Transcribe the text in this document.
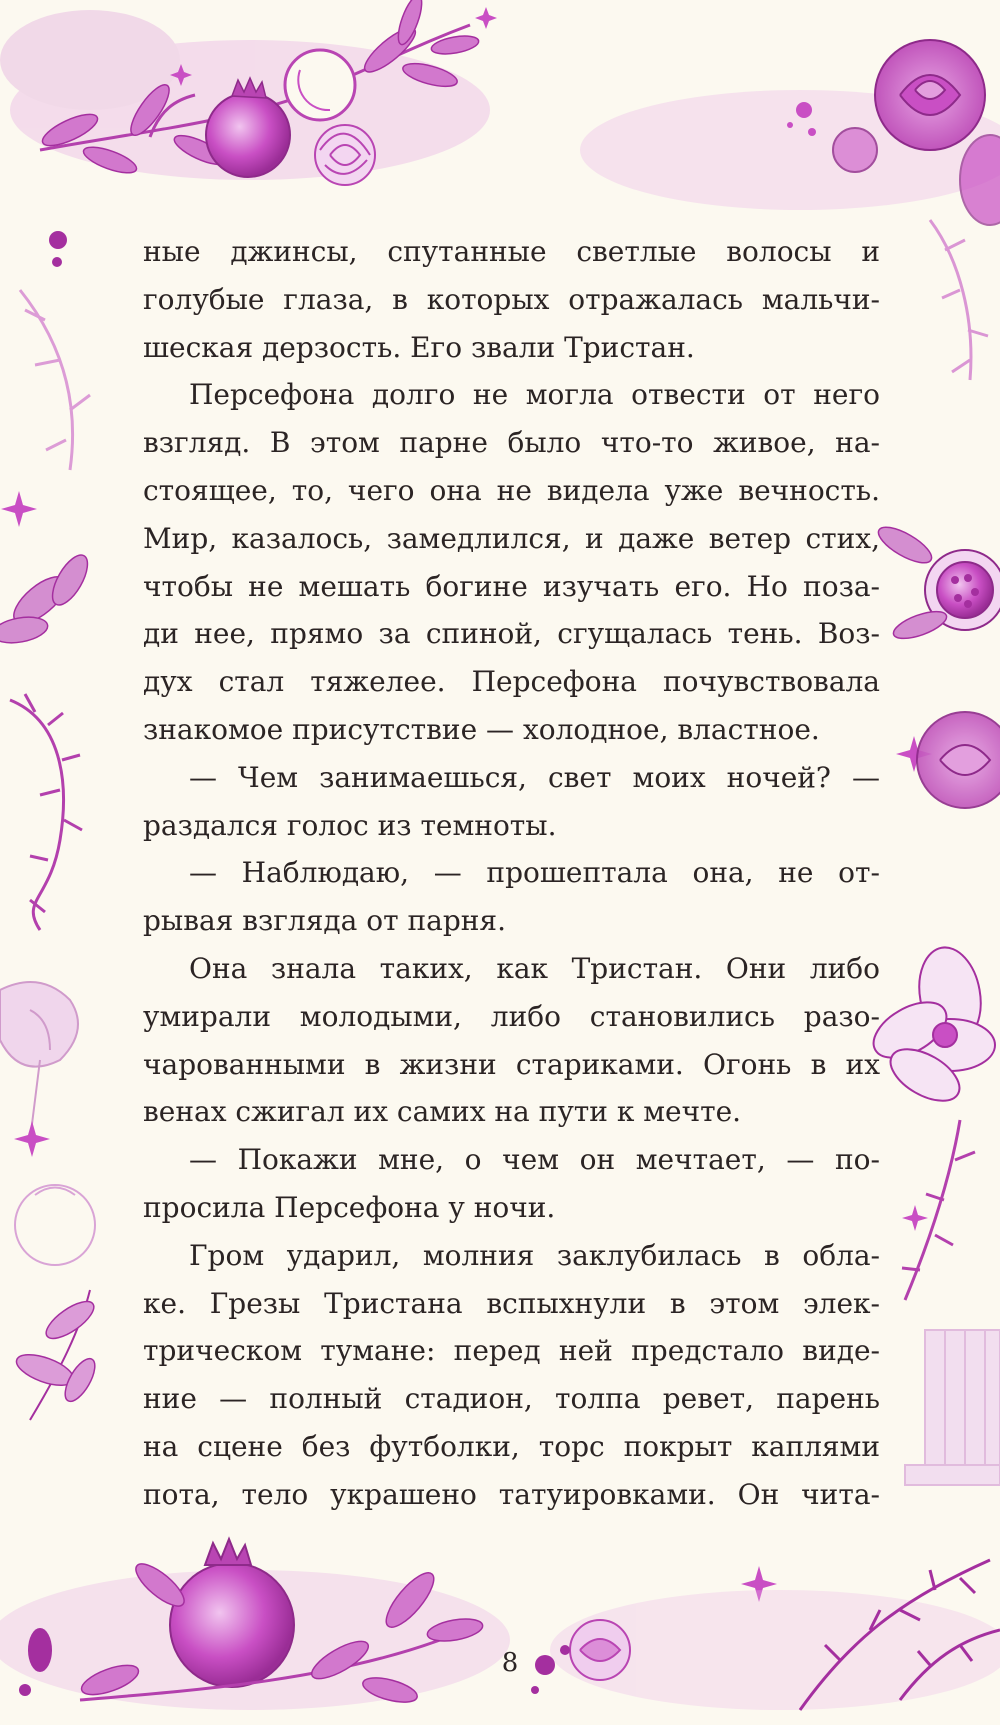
ные джинсы, спутанные светлые волосы и
голубые глаза, в которых отражалась мальчи-
шеская дерзость. Его звали Тристан.
Персефона долго не могла отвести от него
взгляд. В этом парне было что-то живое, на-
стоящее, то, чего она не видела уже вечность.
Мир, казалось, замедлился, и даже ветер стих,
чтобы не мешать богине изучать его. Но поза-
ди нее, прямо за спиной, сгущалась тень. Воз-
дух стал тяжелее. Персефона почувствовала
знакомое присутствие — холодное, властное.
— Чем занимаешься, свет моих ночей? —
раздался голос из темноты.
— Наблюдаю, — прошептала она, не от-
рывая взгляда от парня.
Она знала таких, как Тристан. Они либо
умирали молодыми, либо становились разо-
чарованными в жизни стариками. Огонь в их
венах сжигал их самих на пути к мечте.
— Покажи мне, о чем он мечтает, — по-
просила Персефона у ночи.
Гром ударил, молния заклубилась в обла-
ке. Грезы Тристана вспыхнули в этом элек-
трическом тумане: перед ней предстало виде-
ние — полный стадион, толпа ревет, парень
на сцене без футболки, торс покрыт каплями
пота, тело украшено татуировками. Он чита-
8
